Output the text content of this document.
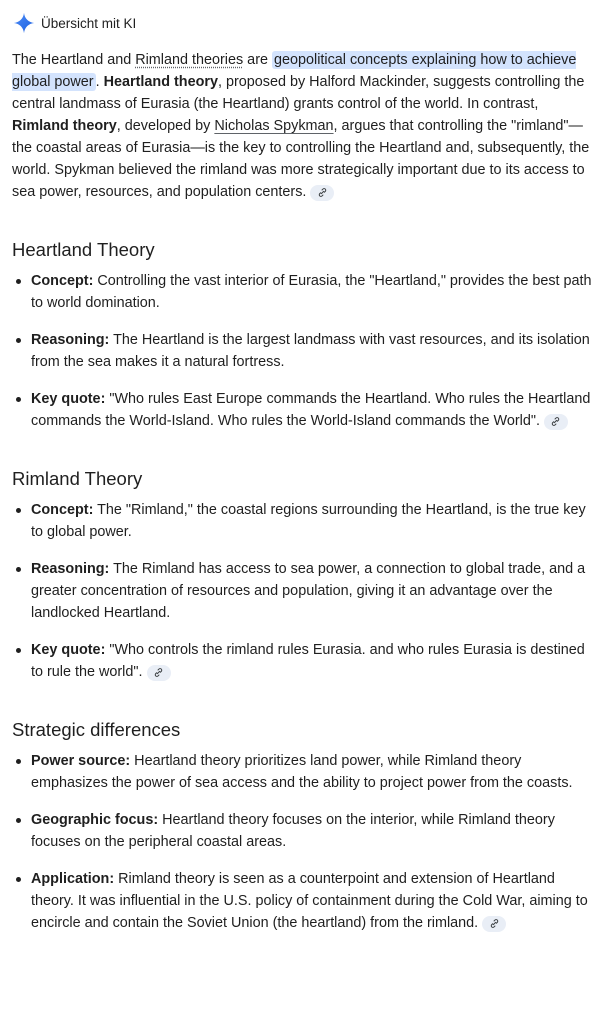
Übersicht mit KI
The Heartland and Rimland theories are geopolitical concepts explaining how to achieve global power . Heartland theory, proposed by Halford Mackinder, suggests controlling the central landmass of Eurasia (the Heartland) grants control of the world. In contrast, Rimland theory, developed by Nicholas Spykman, argues that controlling the "rimland"—the coastal areas of Eurasia—is the key to controlling the Heartland and, subsequently, the world. Spykman believed the rimland was more strategically important due to its access to sea power, resources, and population centers.
Heartland Theory
Concept: Controlling the vast interior of Eurasia, the "Heartland," provides the best path to world domination.
Reasoning: The Heartland is the largest landmass with vast resources, and its isolation from the sea makes it a natural fortress.
Key quote: "Who rules East Europe commands the Heartland. Who rules the Heartland commands the World-Island. Who rules the World-Island commands the World".
Rimland Theory
Concept: The "Rimland," the coastal regions surrounding the Heartland, is the true key to global power.
Reasoning: The Rimland has access to sea power, a connection to global trade, and a greater concentration of resources and population, giving it an advantage over the landlocked Heartland.
Key quote: "Who controls the rimland rules Eurasia. and who rules Eurasia is destined to rule the world".
Strategic differences
Power source: Heartland theory prioritizes land power, while Rimland theory emphasizes the power of sea access and the ability to project power from the coasts.
Geographic focus: Heartland theory focuses on the interior, while Rimland theory focuses on the peripheral coastal areas.
Application: Rimland theory is seen as a counterpoint and extension of Heartland theory. It was influential in the U.S. policy of containment during the Cold War, aiming to encircle and contain the Soviet Union (the heartland) from the rimland.
